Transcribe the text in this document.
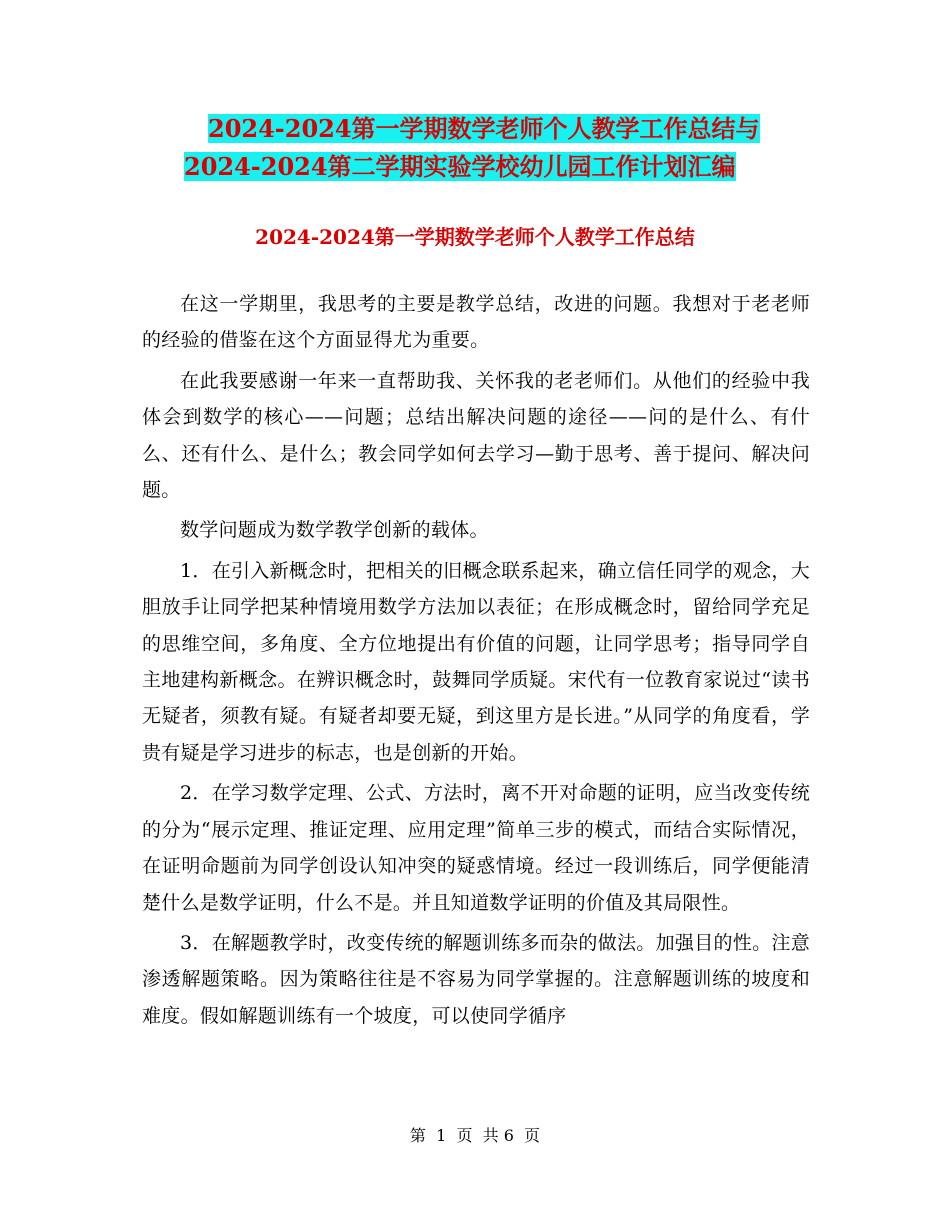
2024-2024第一学期数学老师个人教学工作总结与
2024-2024第二学期实验学校幼儿园工作计划汇编
2024-2024第一学期数学老师个人教学工作总结

在这一学期里，我思考的主要是教学总结，改进的问题。我想对于老老师的经验的借鉴在这个方面显得尤为重要。

在此我要感谢一年来一直帮助我、关怀我的老老师们。从他们的经验中我体会到数学的核心——问题；总结出解决问题的途径——问的是什么、有什么、还有什么、是什么；教会同学如何去学习—勤于思考、善于提问、解决问题。

数学问题成为数学教学创新的载体。

1．在引入新概念时，把相关的旧概念联系起来，确立信任同学的观念，大胆放手让同学把某种情境用数学方法加以表征；在形成概念时，留给同学充足的思维空间，多角度、全方位地提出有价值的问题，让同学思考；指导同学自主地建构新概念。在辨识概念时，鼓舞同学质疑。宋代有一位教育家说过“读书无疑者，须教有疑。有疑者却要无疑，到这里方是长进。”从同学的角度看，学贵有疑是学习进步的标志，也是创新的开始。

2．在学习数学定理、公式、方法时，离不开对命题的证明，应当改变传统的分为“展示定理、推证定理、应用定理”简单三步的模式，而结合实际情况，在证明命题前为同学创设认知冲突的疑惑情境。经过一段训练后，同学便能清楚什么是数学证明，什么不是。并且知道数学证明的价值及其局限性。

3．在解题教学时，改变传统的解题训练多而杂的做法。加强目的性。注意渗透解题策略。因为策略往往是不容易为同学掌握的。注意解题训练的坡度和难度。假如解题训练有一个坡度，可以使同学循序

第  1  页  共 6  页
